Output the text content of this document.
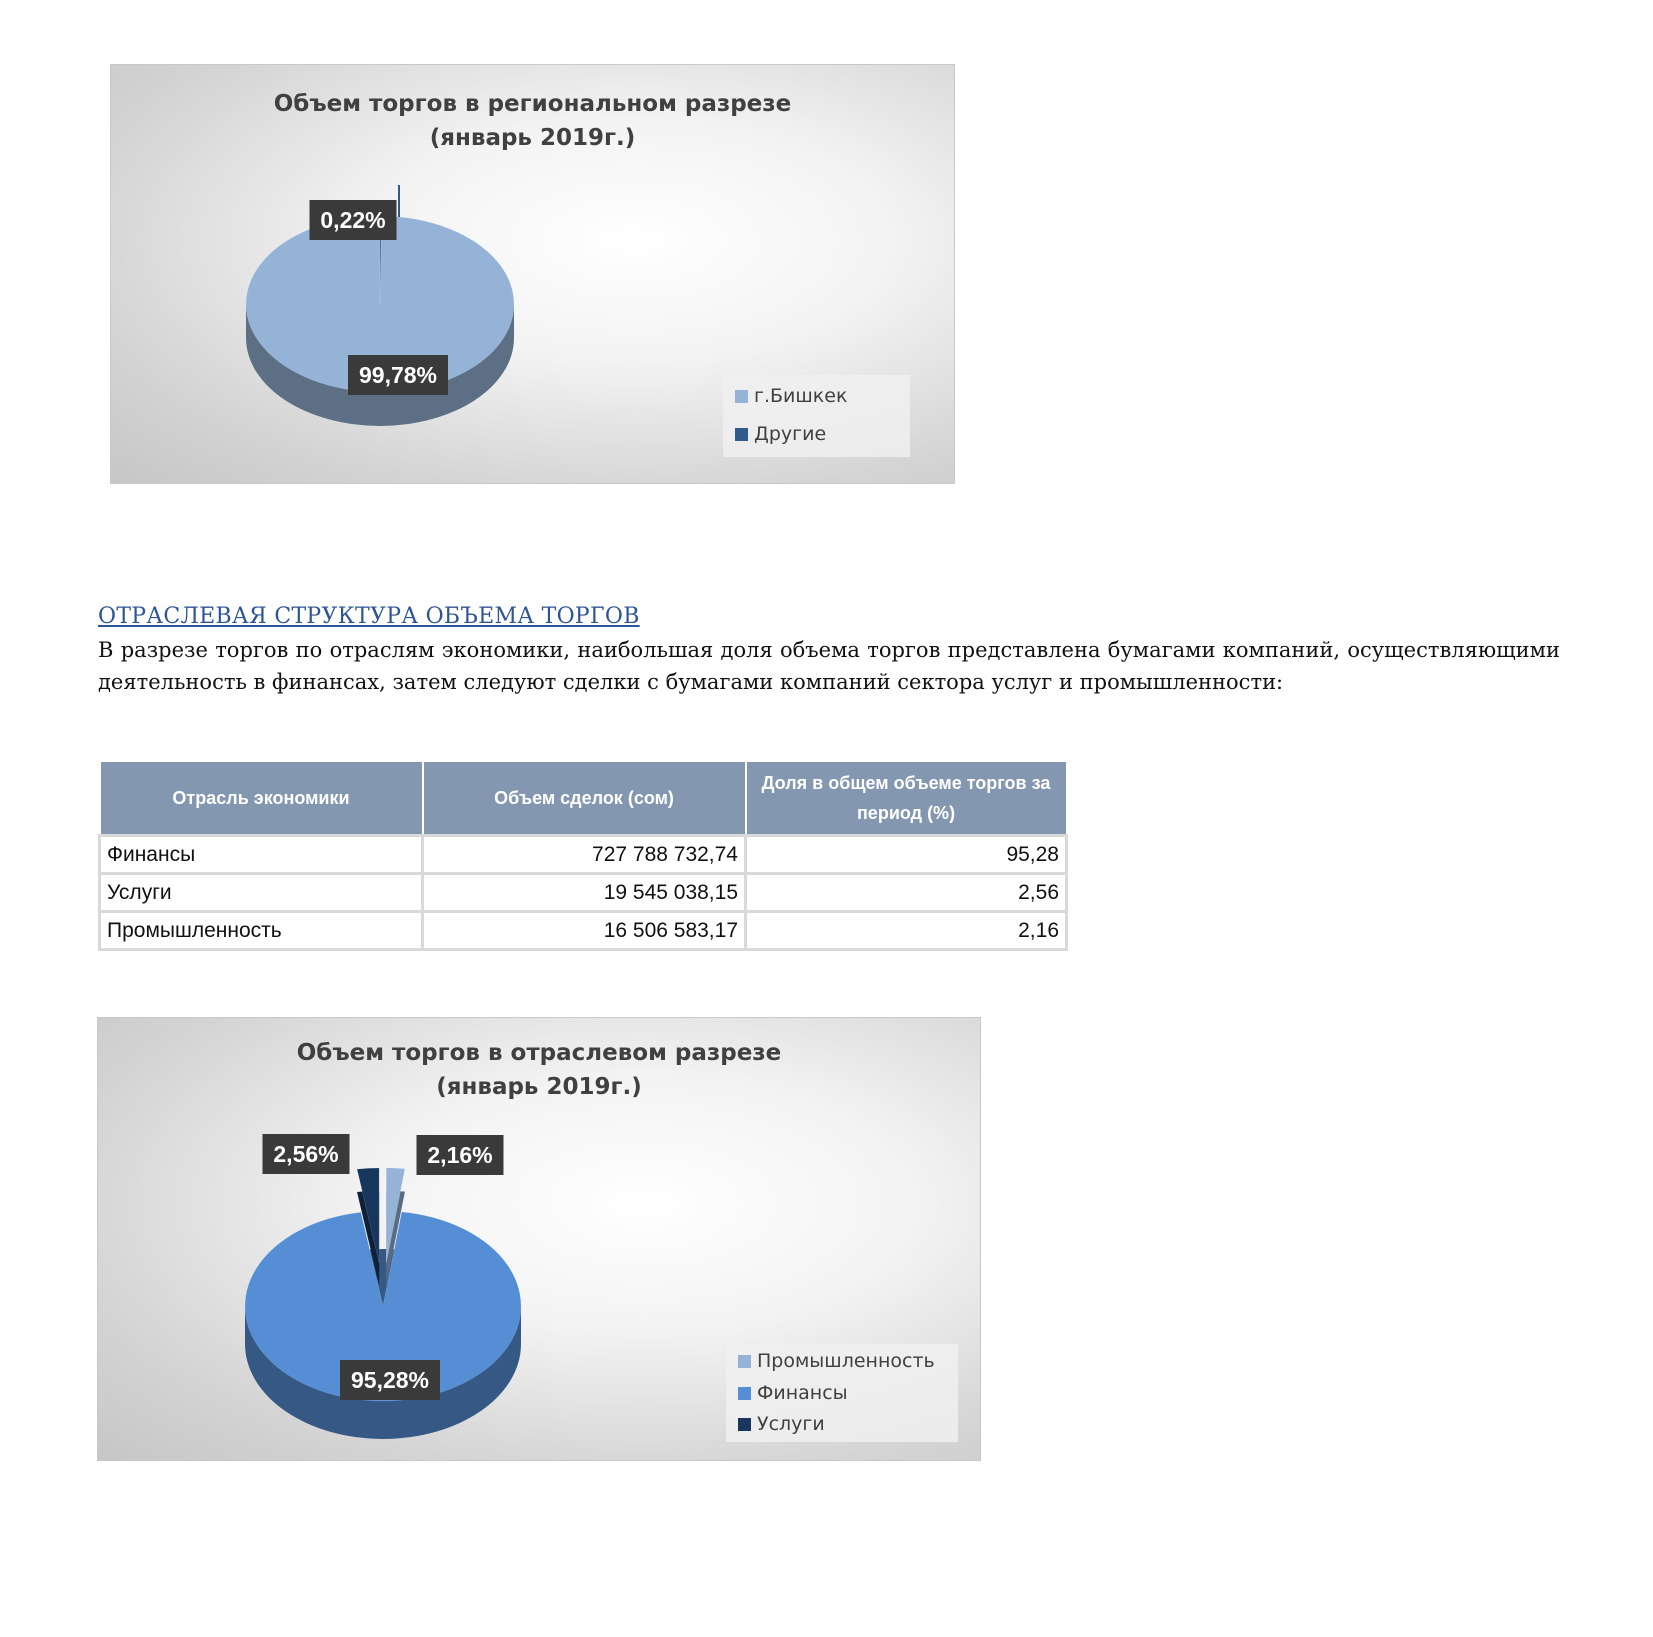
Объем торгов в региональном разрезе
(январь 2019г.)
0,22%
99,78%
г.Бишкек
Другие
ОТРАСЛЕВАЯ СТРУКТУРА ОБЪЕМА ТОРГОВ
В разрезе торгов по отраслям экономики, наибольшая доля объема торгов представлена бумагами компаний, осуществляющими деятельность в финансах, затем следуют сделки с бумагами компаний сектора услуг и промышленности:
Отрасль экономики	Объем сделок (сом)	Доля в общем объеме торгов за период (%)
Финансы	727 788 732,74	95,28
Услуги	19 545 038,15	2,56
Промышленность	16 506 583,17	2,16
Объем торгов в отраслевом разрезе
(январь 2019г.)
2,56%	2,16%
95,28%
Промышленность
Финансы
Услуги
